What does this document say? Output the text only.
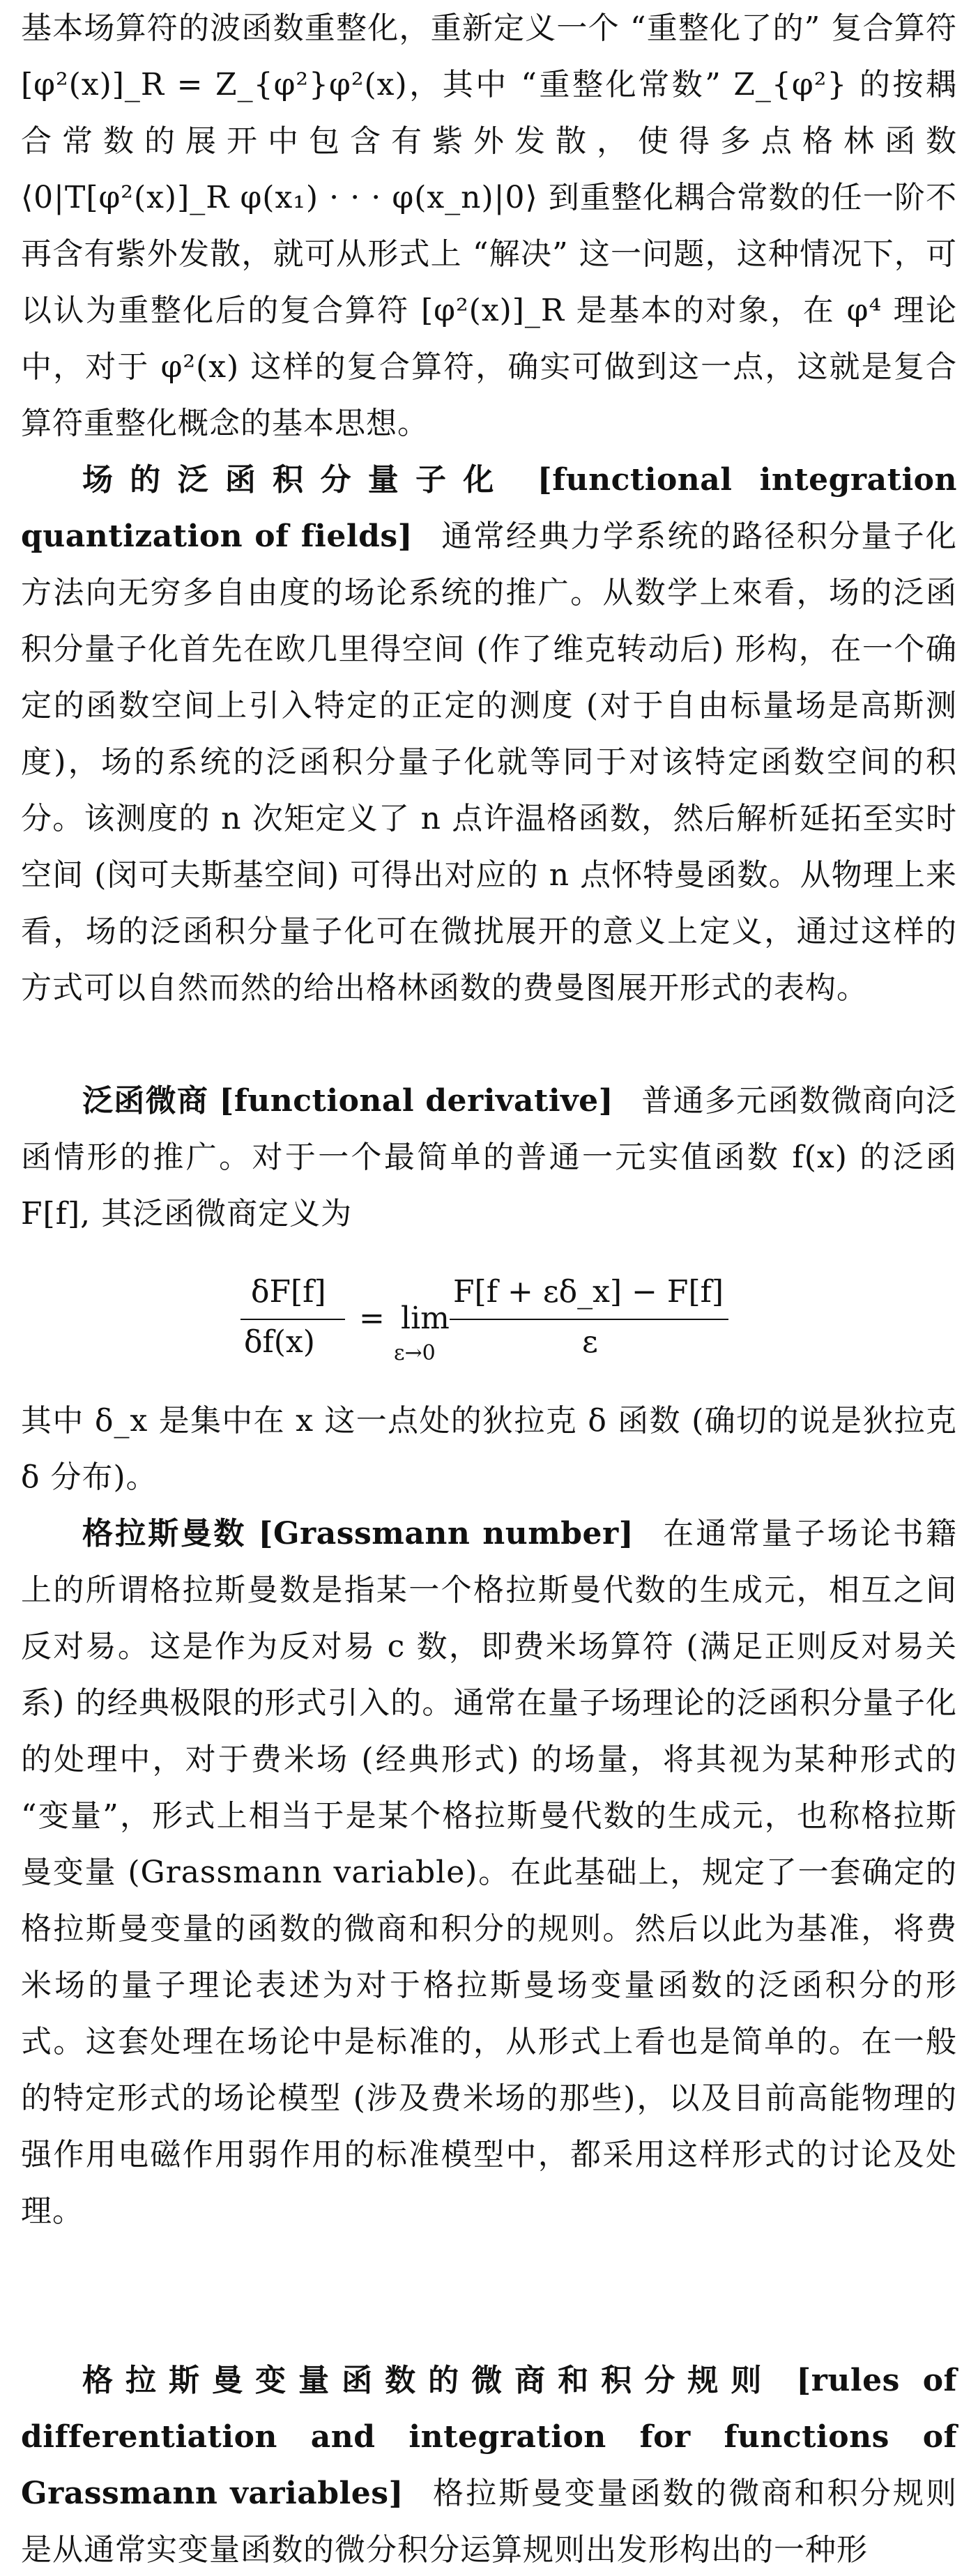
基本场算符的波函数重整化，重新定义一个 “重整化了的” 复合算符 [φ²(x)]_R = Z_{φ²}φ²(x)，其中 “重整化常数” Z_{φ²} 的按耦合常数的展开中包含有紫外发散，使得多点格林函数 ⟨0|T[φ²(x)]_R φ(x₁) · · · φ(x_n)|0⟩ 到重整化耦合常数的任一阶不再含有紫外发散，就可从形式上 “解决” 这一问题，这种情况下，可以认为重整化后的复合算符 [φ²(x)]_R 是基本的对象，在 φ⁴ 理论中，对于 φ²(x) 这样的复合算符，确实可做到这一点，这就是复合算符重整化概念的基本思想。

场的泛函积分量子化 [functional integration quantization of fields] 通常经典力学系统的路径积分量子化方法向无穷多自由度的场论系统的推广。从数学上來看，场的泛函积分量子化首先在欧几里得空间 (作了维克转动后) 形构，在一个确定的函数空间上引入特定的正定的测度 (对于自由标量场是高斯测度)，场的系统的泛函积分量子化就等同于对该特定函数空间的积分。该测度的 n 次矩定义了 n 点许温格函数，然后解析延拓至实时空间 (闵可夫斯基空间) 可得出对应的 n 点怀特曼函数。从物理上来看，场的泛函积分量子化可在微扰展开的意义上定义，通过这样的方式可以自然而然的给出格林函数的费曼图展开形式的表构。

泛函微商 [functional derivative] 普通多元函数微商向泛函情形的推广。对于一个最简单的普通一元实值函数 f(x) 的泛函 F[f], 其泛函微商定义为

δF[f]
δf(x)
= lim
ε→0
F[f + εδ_x] − F[f]
ε

其中 δ_x 是集中在 x 这一点处的狄拉克 δ 函数 (确切的说是狄拉克 δ 分布)。

格拉斯曼数 [Grassmann number] 在通常量子场论书籍上的所谓格拉斯曼数是指某一个格拉斯曼代数的生成元，相互之间反对易。这是作为反对易 c 数，即费米场算符 (满足正则反对易关系) 的经典极限的形式引入的。通常在量子场理论的泛函积分量子化的处理中，对于费米场 (经典形式) 的场量，将其视为某种形式的 “变量”，形式上相当于是某个格拉斯曼代数的生成元，也称格拉斯曼变量 (Grassmann variable)。在此基础上，规定了一套确定的格拉斯曼变量的函数的微商和积分的规则。然后以此为基准，将费米场的量子理论表述为对于格拉斯曼场变量函数的泛函积分的形式。这套处理在场论中是标准的，从形式上看也是简单的。在一般的特定形式的场论模型 (涉及费米场的那些)，以及目前高能物理的强作用电磁作用弱作用的标准模型中，都采用这样形式的讨论及处理。

格拉斯曼变量函数的微商和积分规则 [rules of differentiation and integration for functions of Grassmann variables] 格拉斯曼变量函数的微商和积分规则是从通常实变量函数的微分积分运算规则出发形构出的一种形
